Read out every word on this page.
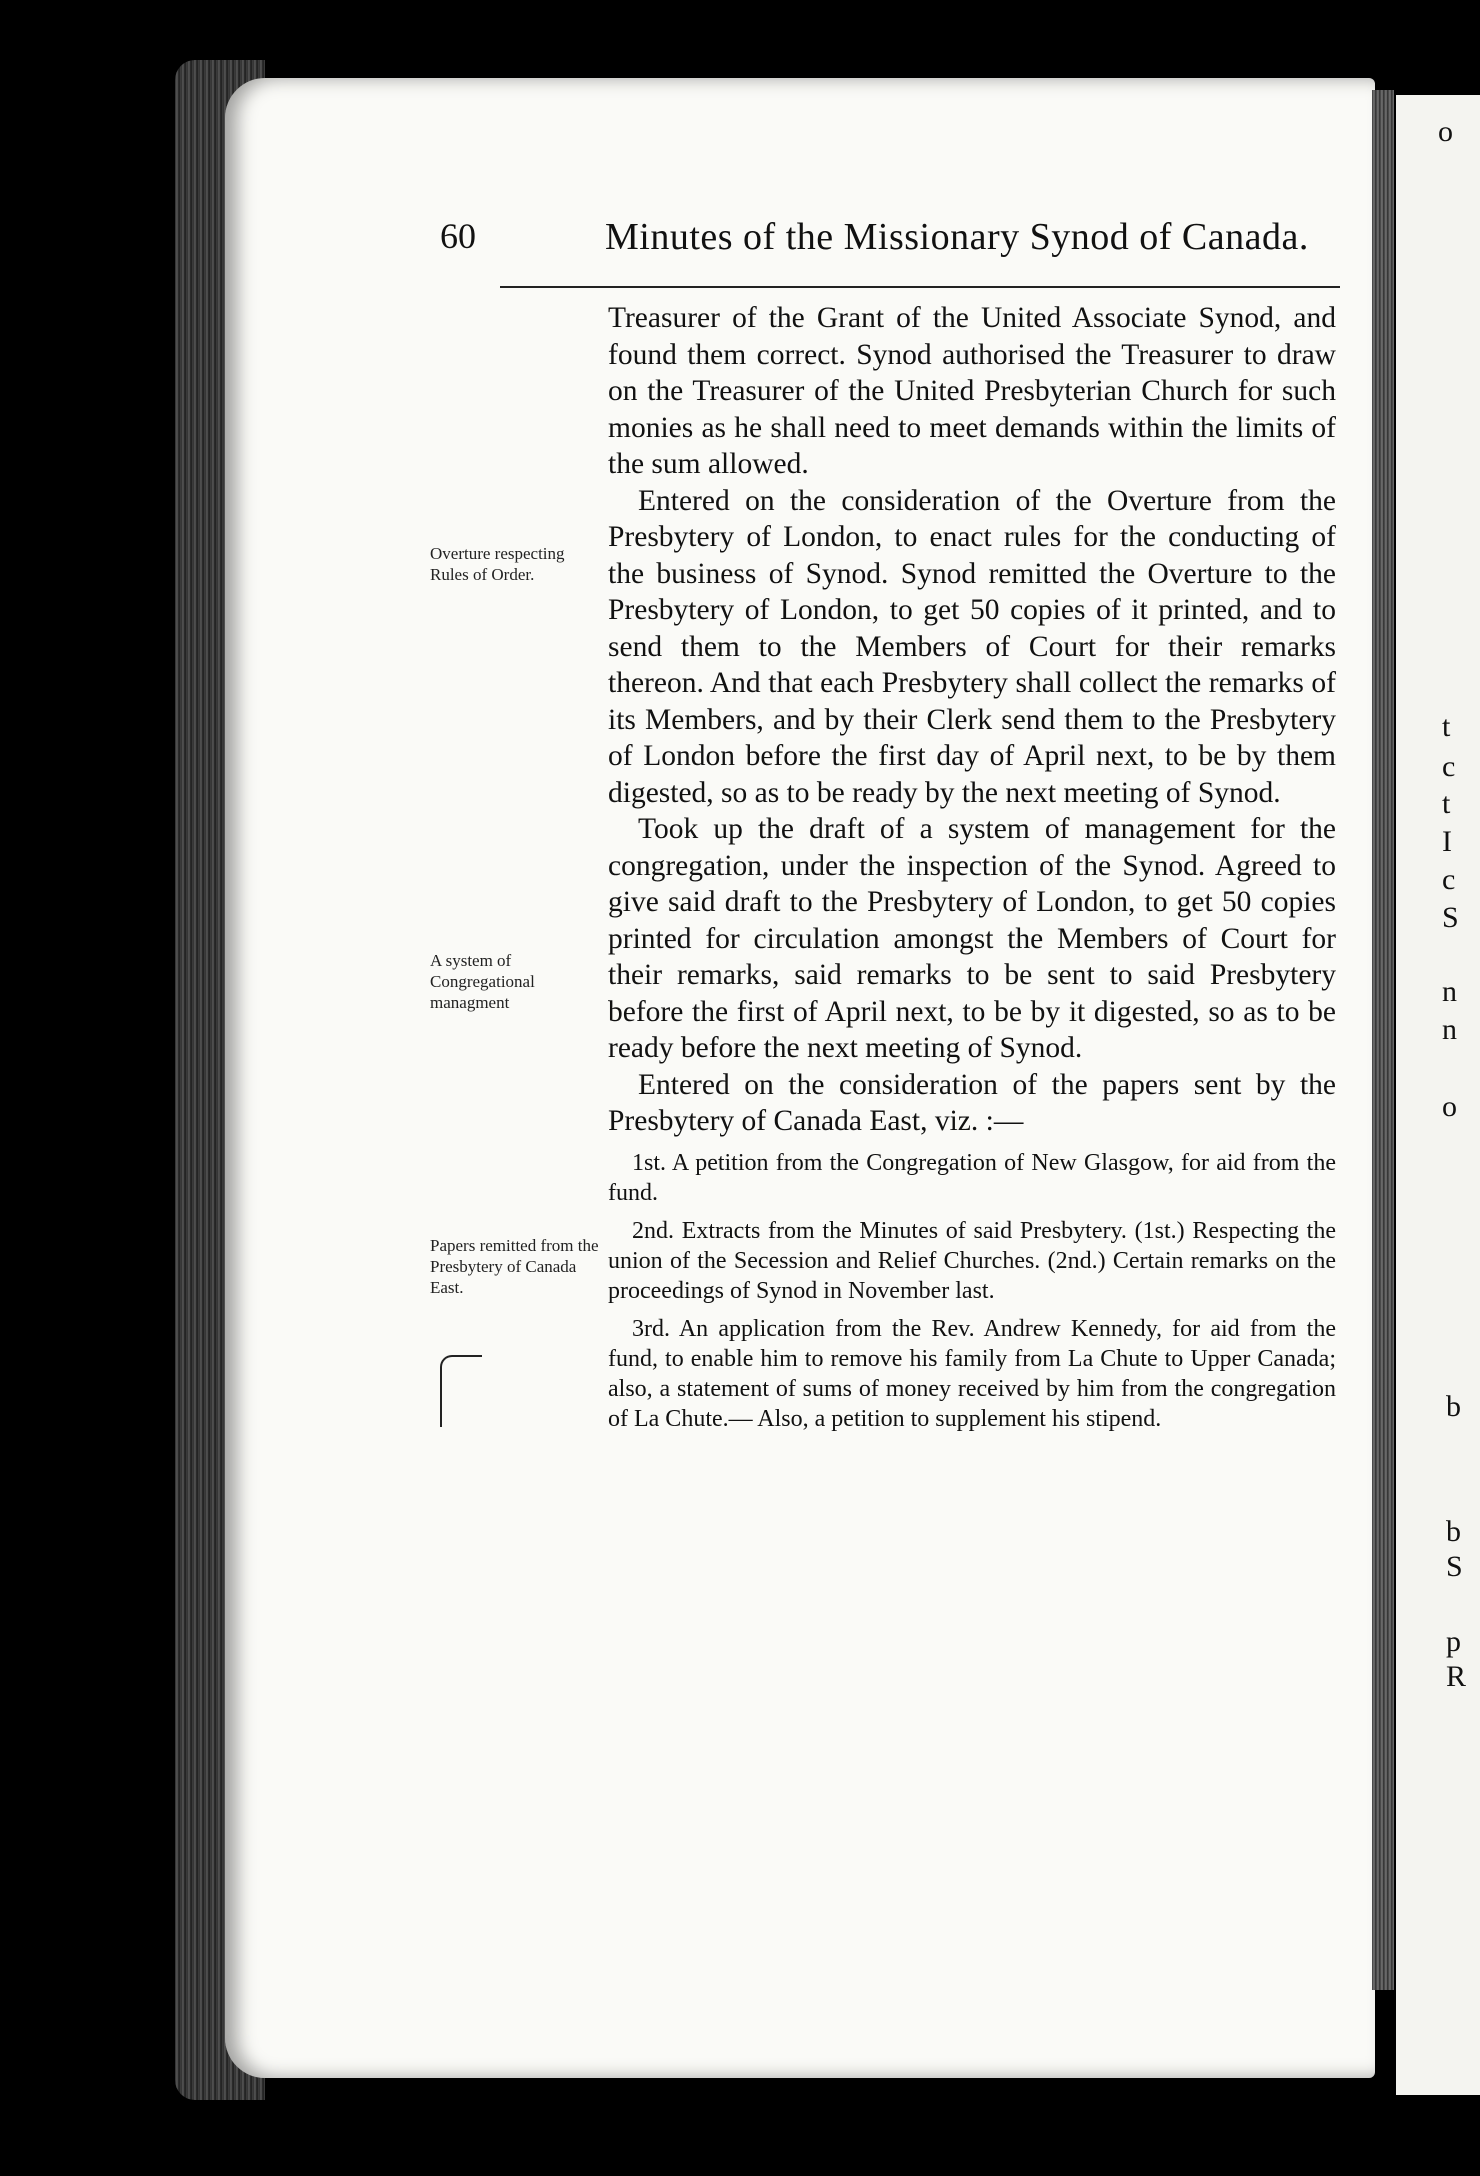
o
t
c
t
I
c
S
n
n
o
b
b
S
p
R
60	Minutes of the Missionary Synod of Canada.
Overture respecting Rules of Order.
A system of Congregational managment
Papers remitted from the Presbytery of Canada East.

Treasurer of the Grant of the United Associate Synod, and found them correct. Synod authorised the Treasurer to draw on the Treasurer of the United Presbyterian Church for such monies as he shall need to meet demands within the limits of the sum allowed.

Entered on the consideration of the Overture from the Presbytery of London, to enact rules for the conducting of the business of Synod. Synod remitted the Overture to the Presbytery of London, to get 50 copies of it printed, and to send them to the Members of Court for their remarks thereon. And that each Presbytery shall collect the remarks of its Members, and by their Clerk send them to the Presbytery of London before the first day of April next, to be by them digested, so as to be ready by the next meeting of Synod.

Took up the draft of a system of management for the congregation, under the inspection of the Synod. Agreed to give said draft to the Presbytery of London, to get 50 copies printed for circulation amongst the Members of Court for their remarks, said remarks to be sent to said Presbytery before the first of April next, to be by it digested, so as to be ready before the next meeting of Synod.

Entered on the consideration of the papers sent by the Presbytery of Canada East, viz. :—

1st. A petition from the Congregation of New Glasgow, for aid from the fund.

2nd. Extracts from the Minutes of said Presbytery. (1st.) Respecting the union of the Secession and Relief Churches. (2nd.) Certain remarks on the proceedings of Synod in November last.

3rd. An application from the Rev. Andrew Kennedy, for aid from the fund, to enable him to remove his family from La Chute to Upper Canada; also, a statement of sums of money received by him from the congregation of La Chute.— Also, a petition to supplement his stipend.
